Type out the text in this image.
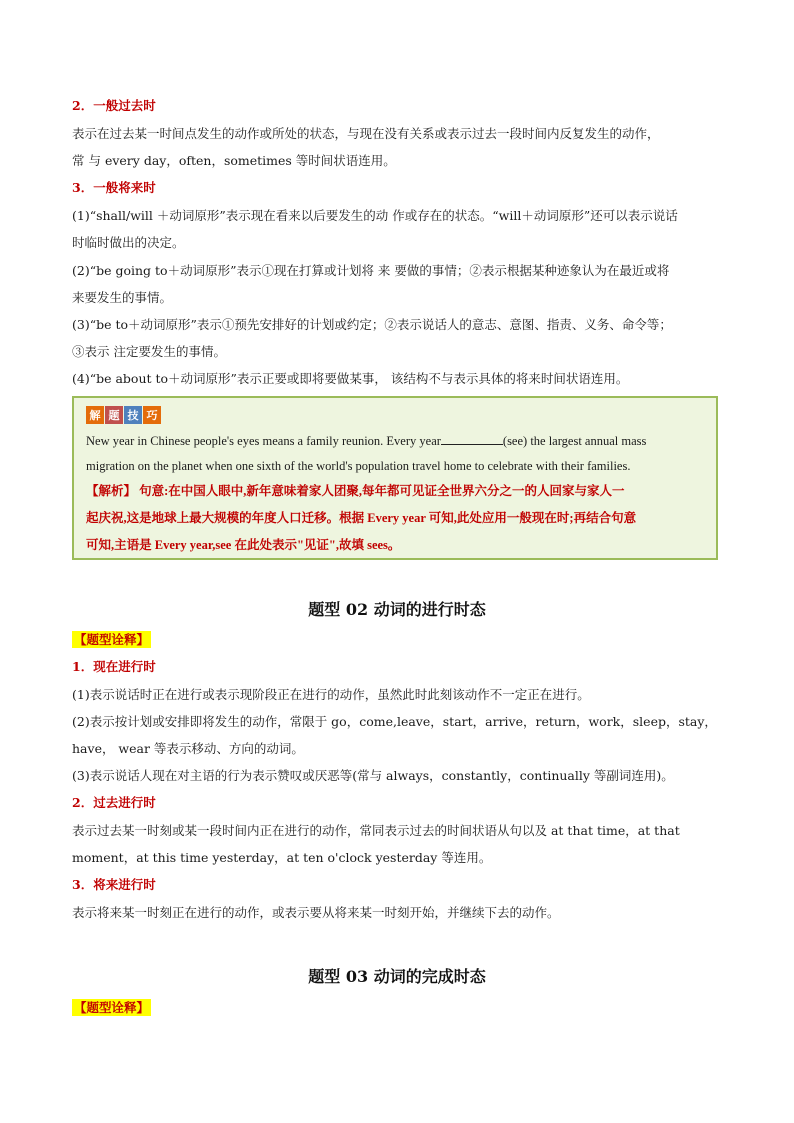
2．一般过去时
表示在过去某一时间点发生的动作或所处的状态，与现在没有关系或表示过去一段时间内反复发生的动作，
常 与 every day，often，sometimes 等时间状语连用。
3．一般将来时
(1)“shall/will ＋动词原形”表示现在看来以后要发生的动 作或存在的状态。“will＋动词原形”还可以表示说话
时临时做出的决定。
(2)“be going to＋动词原形”表示①现在打算或计划将 来 要做的事情；②表示根据某种迹象认为在最近或将
来要发生的事情。
(3)“be to＋动词原形”表示①预先安排好的计划或约定；②表示说话人的意志、意图、指责、义务、命令等；
③表示 注定要发生的事情。
(4)“be about to＋动词原形”表示正要或即将要做某事， 该结构不与表示具体的将来时间状语连用。
解 题 技 巧
New year in Chinese people's eyes means a family reunion. Every year	(see) the largest annual mass
migration on the planet when one sixth of the world's population travel home to celebrate with their families.
【解析】 句意:在中国人眼中,新年意味着家人团聚,每年都可见证全世界六分之一的人回家与家人一
起庆祝,这是地球上最大规模的年度人口迁移。根据 Every year 可知,此处应用一般现在时;再结合句意
可知,主语是 Every year,see 在此处表示"见证",故填 sees。
题型 02 动词的进行时态
【题型诠释】
1．现在进行时
(1)表示说话时正在进行或表示现阶段正在进行的动作，虽然此时此刻该动作不一定正在进行。
(2)表示按计划或安排即将发生的动作，常限于 go，come,leave，start，arrive，return，work，sleep，stay，
have， wear 等表示移动、方向的动词。
(3)表示说话人现在对主语的行为表示赞叹或厌恶等(常与 always，constantly，continually 等副词连用)。
2．过去进行时
表示过去某一时刻或某一段时间内正在进行的动作，常同表示过去的时间状语从句以及 at that time，at that
moment，at this time yesterday，at ten o'clock yesterday 等连用。
3．将来进行时
表示将来某一时刻正在进行的动作，或表示要从将来某一时刻开始，并继续下去的动作。
题型 03 动词的完成时态
【题型诠释】
